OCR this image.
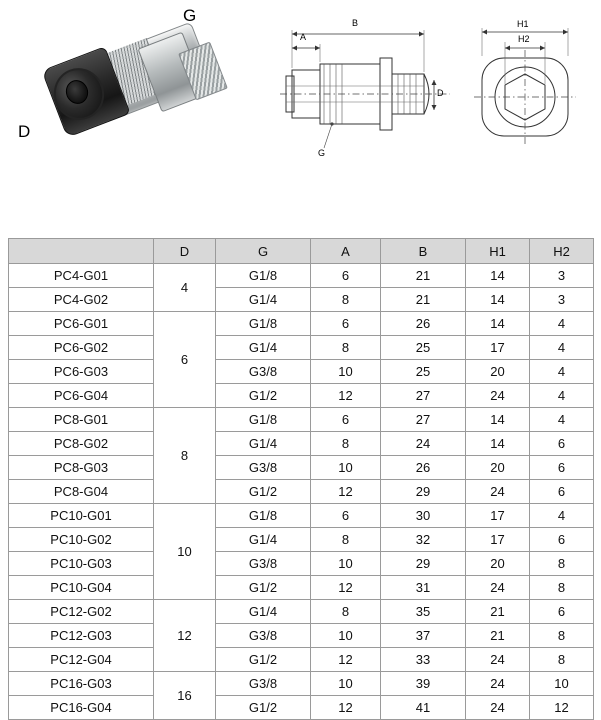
G
D
A
B
D
G
H1
H2
	D	G	A	B	H1	H2
PC4-G01	4	G1/8	6	21	14	3
PC4-G02		G1/4	8	21	14	3
PC6-G01	6	G1/8	6	26	14	4
PC6-G02		G1/4	8	25	17	4
PC6-G03		G3/8	10	25	20	4
PC6-G04		G1/2	12	27	24	4
PC8-G01	8	G1/8	6	27	14	4
PC8-G02		G1/4	8	24	14	6
PC8-G03		G3/8	10	26	20	6
PC8-G04		G1/2	12	29	24	6
PC10-G01	10	G1/8	6	30	17	4
PC10-G02		G1/4	8	32	17	6
PC10-G03		G3/8	10	29	20	8
PC10-G04		G1/2	12	31	24	8
PC12-G02	12	G1/4	8	35	21	6
PC12-G03		G3/8	10	37	21	8
PC12-G04		G1/2	12	33	24	8
PC16-G03	16	G3/8	10	39	24	10
PC16-G04		G1/2	12	41	24	12
